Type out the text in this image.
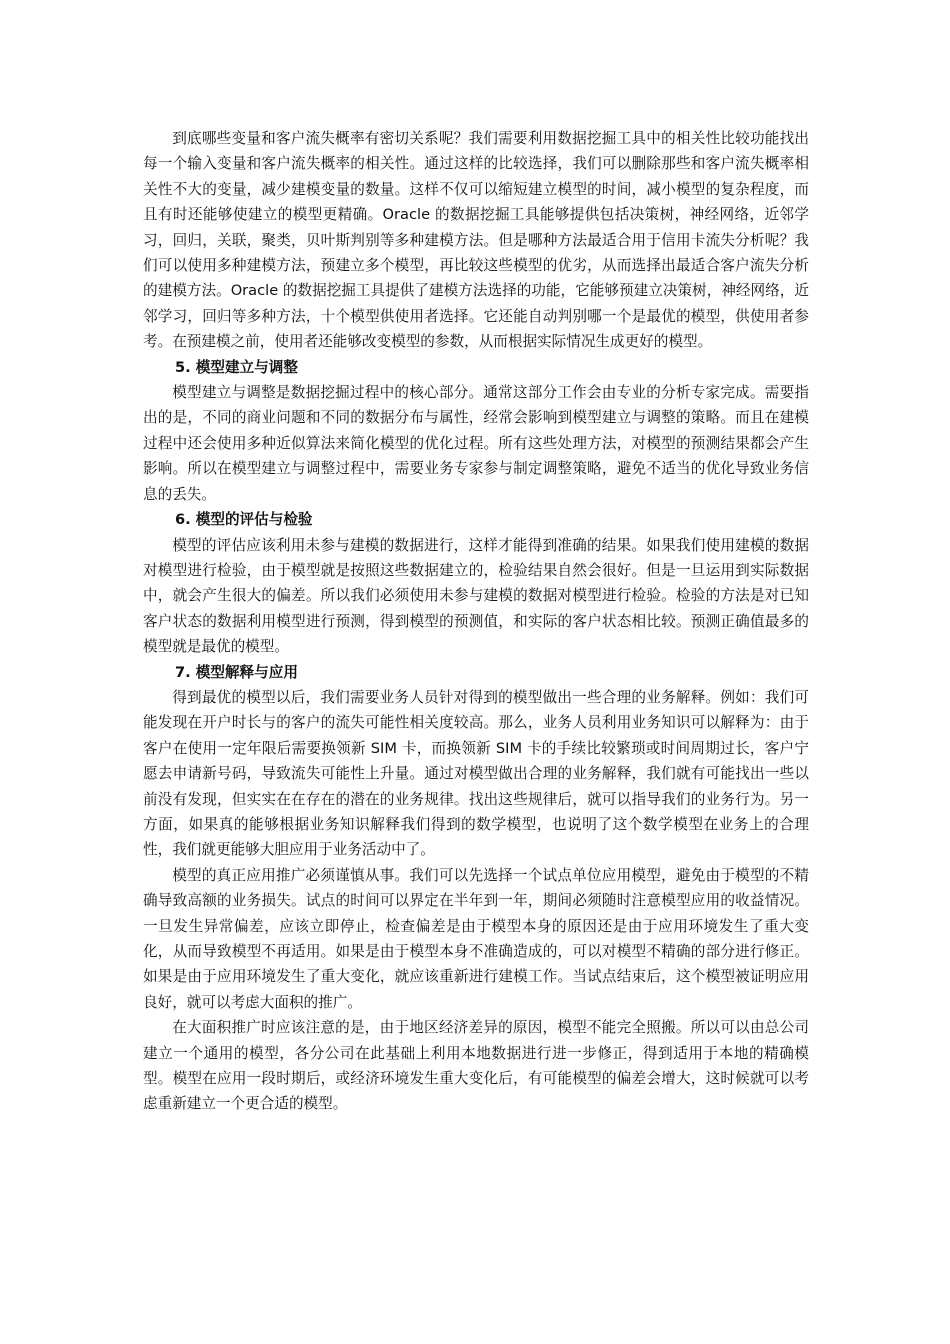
到底哪些变量和客户流失概率有密切关系呢？我们需要利用数据挖掘工具中的相关性比较功能找出每一个输入变量和客户流失概率的相关性。通过这样的比较选择，我们可以删除那些和客户流失概率相关性不大的变量，减少建模变量的数量。这样不仅可以缩短建立模型的时间，减小模型的复杂程度，而且有时还能够使建立的模型更精确。Oracle 的数据挖掘工具能够提供包括决策树，神经网络，近邻学习，回归，关联，聚类，贝叶斯判别等多种建模方法。但是哪种方法最适合用于信用卡流失分析呢？我们可以使用多种建模方法，预建立多个模型，再比较这些模型的优劣，从而选择出最适合客户流失分析的建模方法。Oracle 的数据挖掘工具提供了建模方法选择的功能，它能够预建立决策树，神经网络，近邻学习，回归等多种方法，十个模型供使用者选择。它还能自动判别哪一个是最优的模型，供使用者参考。在预建模之前，使用者还能够改变模型的参数，从而根据实际情况生成更好的模型。

5. 模型建立与调整

模型建立与调整是数据挖掘过程中的核心部分。通常这部分工作会由专业的分析专家完成。需要指出的是，不同的商业问题和不同的数据分布与属性，经常会影响到模型建立与调整的策略。而且在建模过程中还会使用多种近似算法来简化模型的优化过程。所有这些处理方法，对模型的预测结果都会产生影响。所以在模型建立与调整过程中，需要业务专家参与制定调整策略，避免不适当的优化导致业务信息的丢失。

6. 模型的评估与检验

模型的评估应该利用未参与建模的数据进行，这样才能得到准确的结果。如果我们使用建模的数据对模型进行检验，由于模型就是按照这些数据建立的，检验结果自然会很好。但是一旦运用到实际数据中，就会产生很大的偏差。所以我们必须使用未参与建模的数据对模型进行检验。检验的方法是对已知客户状态的数据利用模型进行预测，得到模型的预测值，和实际的客户状态相比较。预测正确值最多的模型就是最优的模型。

7. 模型解释与应用

得到最优的模型以后，我们需要业务人员针对得到的模型做出一些合理的业务解释。例如：我们可能发现在开户时长与的客户的流失可能性相关度较高。那么，业务人员利用业务知识可以解释为：由于客户在使用一定年限后需要换领新 SIM 卡，而换领新 SIM 卡的手续比较繁琐或时间周期过长，客户宁愿去申请新号码，导致流失可能性上升量。通过对模型做出合理的业务解释，我们就有可能找出一些以前没有发现，但实实在在存在的潜在的业务规律。找出这些规律后，就可以指导我们的业务行为。另一方面，如果真的能够根据业务知识解释我们得到的数学模型，也说明了这个数学模型在业务上的合理性，我们就更能够大胆应用于业务活动中了。

模型的真正应用推广必须谨慎从事。我们可以先选择一个试点单位应用模型，避免由于模型的不精确导致高额的业务损失。试点的时间可以界定在半年到一年，期间必须随时注意模型应用的收益情况。一旦发生异常偏差，应该立即停止，检查偏差是由于模型本身的原因还是由于应用环境发生了重大变化，从而导致模型不再适用。如果是由于模型本身不准确造成的，可以对模型不精确的部分进行修正。如果是由于应用环境发生了重大变化，就应该重新进行建模工作。当试点结束后，这个模型被证明应用良好，就可以考虑大面积的推广。

在大面积推广时应该注意的是，由于地区经济差异的原因，模型不能完全照搬。所以可以由总公司建立一个通用的模型，各分公司在此基础上利用本地数据进行进一步修正，得到适用于本地的精确模型。模型在应用一段时期后，或经济环境发生重大变化后，有可能模型的偏差会增大，这时候就可以考虑重新建立一个更合适的模型。
